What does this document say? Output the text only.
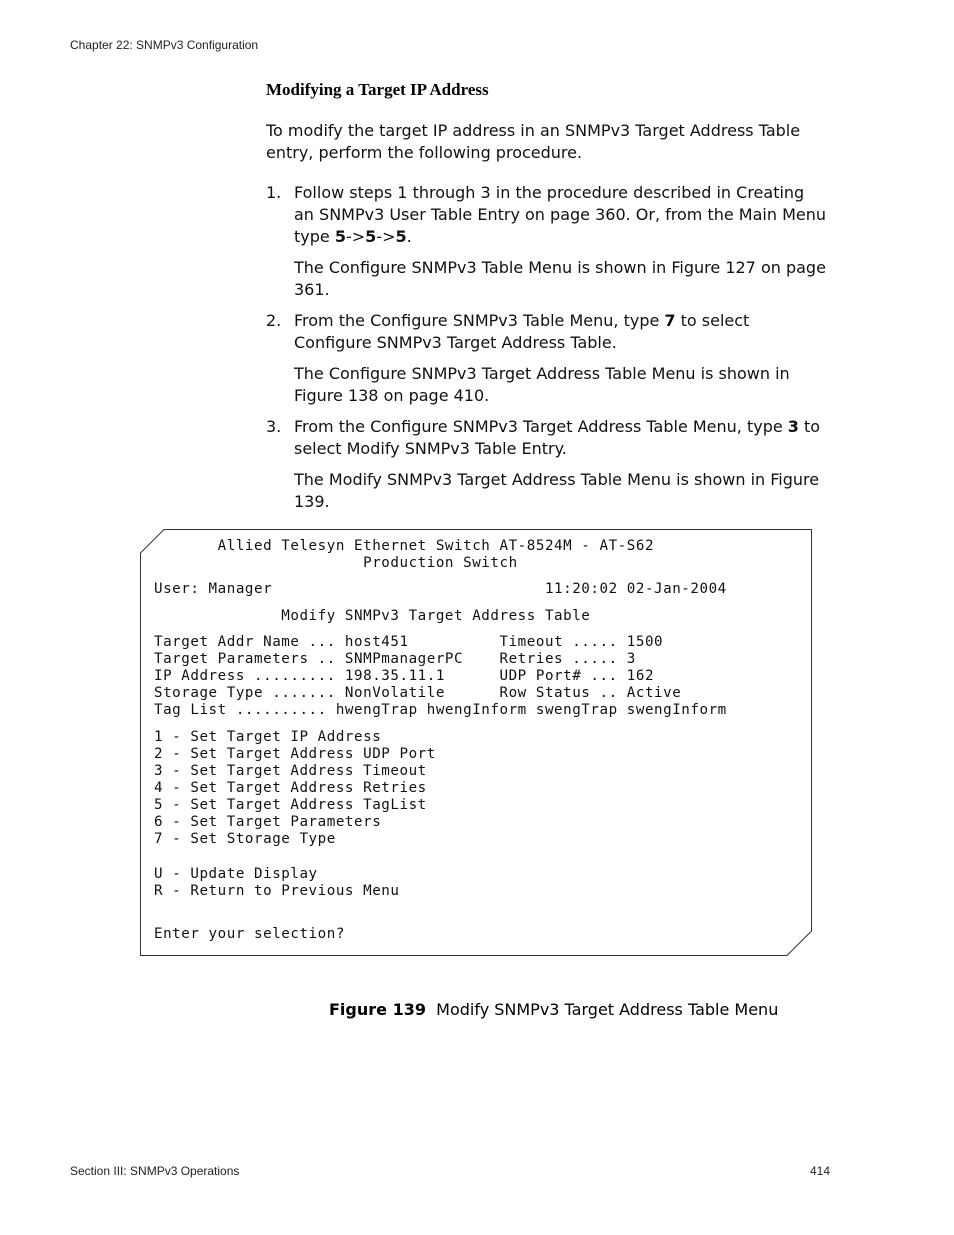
Chapter 22: SNMPv3 Configuration
Modifying a Target IP Address
To modify the target IP address in an SNMPv3 Target Address Table entry, perform the following procedure.
1. Follow steps 1 through 3 in the procedure described in Creating an SNMPv3 User Table Entry on page 360. Or, from the Main Menu type 5->5->5.
The Configure SNMPv3 Table Menu is shown in Figure 127 on page 361.
2. From the Configure SNMPv3 Table Menu, type 7 to select Configure SNMPv3 Target Address Table.
The Configure SNMPv3 Target Address Table Menu is shown in Figure 138 on page 410.
3. From the Configure SNMPv3 Target Address Table Menu, type 3 to select Modify SNMPv3 Table Entry.
The Modify SNMPv3 Target Address Table Menu is shown in Figure 139.
Allied Telesyn Ethernet Switch AT-8524M - AT-S62
Production Switch
User: Manager                              11:20:02 02-Jan-2004
Modify SNMPv3 Target Address Table
Target Addr Name ... host451          Timeout ..... 1500
Target Parameters .. SNMPmanagerPC    Retries ..... 3
IP Address ......... 198.35.11.1      UDP Port# ... 162
Storage Type ....... NonVolatile      Row Status .. Active
Tag List .......... hwengTrap hwengInform swengTrap swengInform
1 - Set Target IP Address
2 - Set Target Address UDP Port
3 - Set Target Address Timeout
4 - Set Target Address Retries
5 - Set Target Address TagList
6 - Set Target Parameters
7 - Set Storage Type
U - Update Display
R - Return to Previous Menu
Enter your selection?
Figure 139 Modify SNMPv3 Target Address Table Menu
Section III: SNMPv3 Operations	414
